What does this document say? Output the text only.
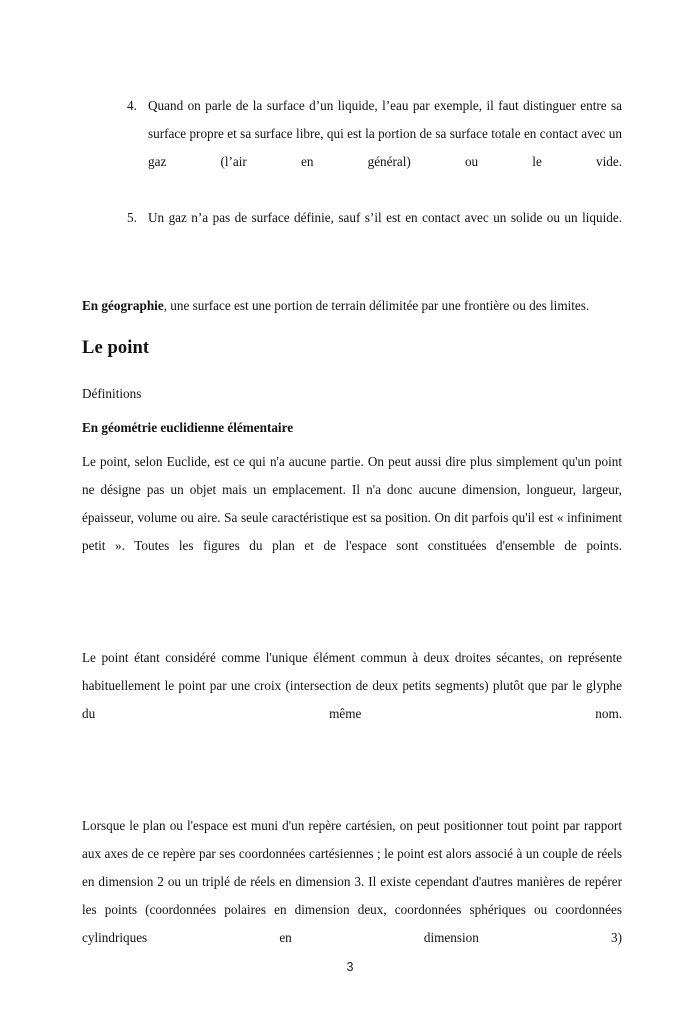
4. Quand on parle de la surface d’un liquide, l’eau par exemple, il faut distinguer entre sa surface propre et sa surface libre, qui est la portion de sa surface totale en contact avec un gaz (l’air en général) ou le vide.
5. Un gaz n’a pas de surface définie, sauf s’il est en contact avec un solide ou un liquide.

En géographie, une surface est une portion de terrain délimitée par une frontière ou des limites.

Le point

Définitions

En géométrie euclidienne élémentaire

Le point, selon Euclide, est ce qui n'a aucune partie. On peut aussi dire plus simplement qu'un point ne désigne pas un objet mais un emplacement. Il n'a donc aucune dimension, longueur, largeur, épaisseur, volume ou aire. Sa seule caractéristique est sa position. On dit parfois qu'il est « infiniment petit ». Toutes les figures du plan et de l'espace sont constituées d'ensemble de points.

Le point étant considéré comme l'unique élément commun à deux droites sécantes, on représente habituellement le point par une croix (intersection de deux petits segments) plutôt que par le glyphe du même nom.

Lorsque le plan ou l'espace est muni d'un repère cartésien, on peut positionner tout point par rapport aux axes de ce repère par ses coordonnées cartésiennes ; le point est alors associé à un couple de réels en dimension 2 ou un triplé de réels en dimension 3. Il existe cependant d'autres manières de repérer les points (coordonnées polaires en dimension deux, coordonnées sphériques ou coordonnées cylindriques en dimension 3)

3
